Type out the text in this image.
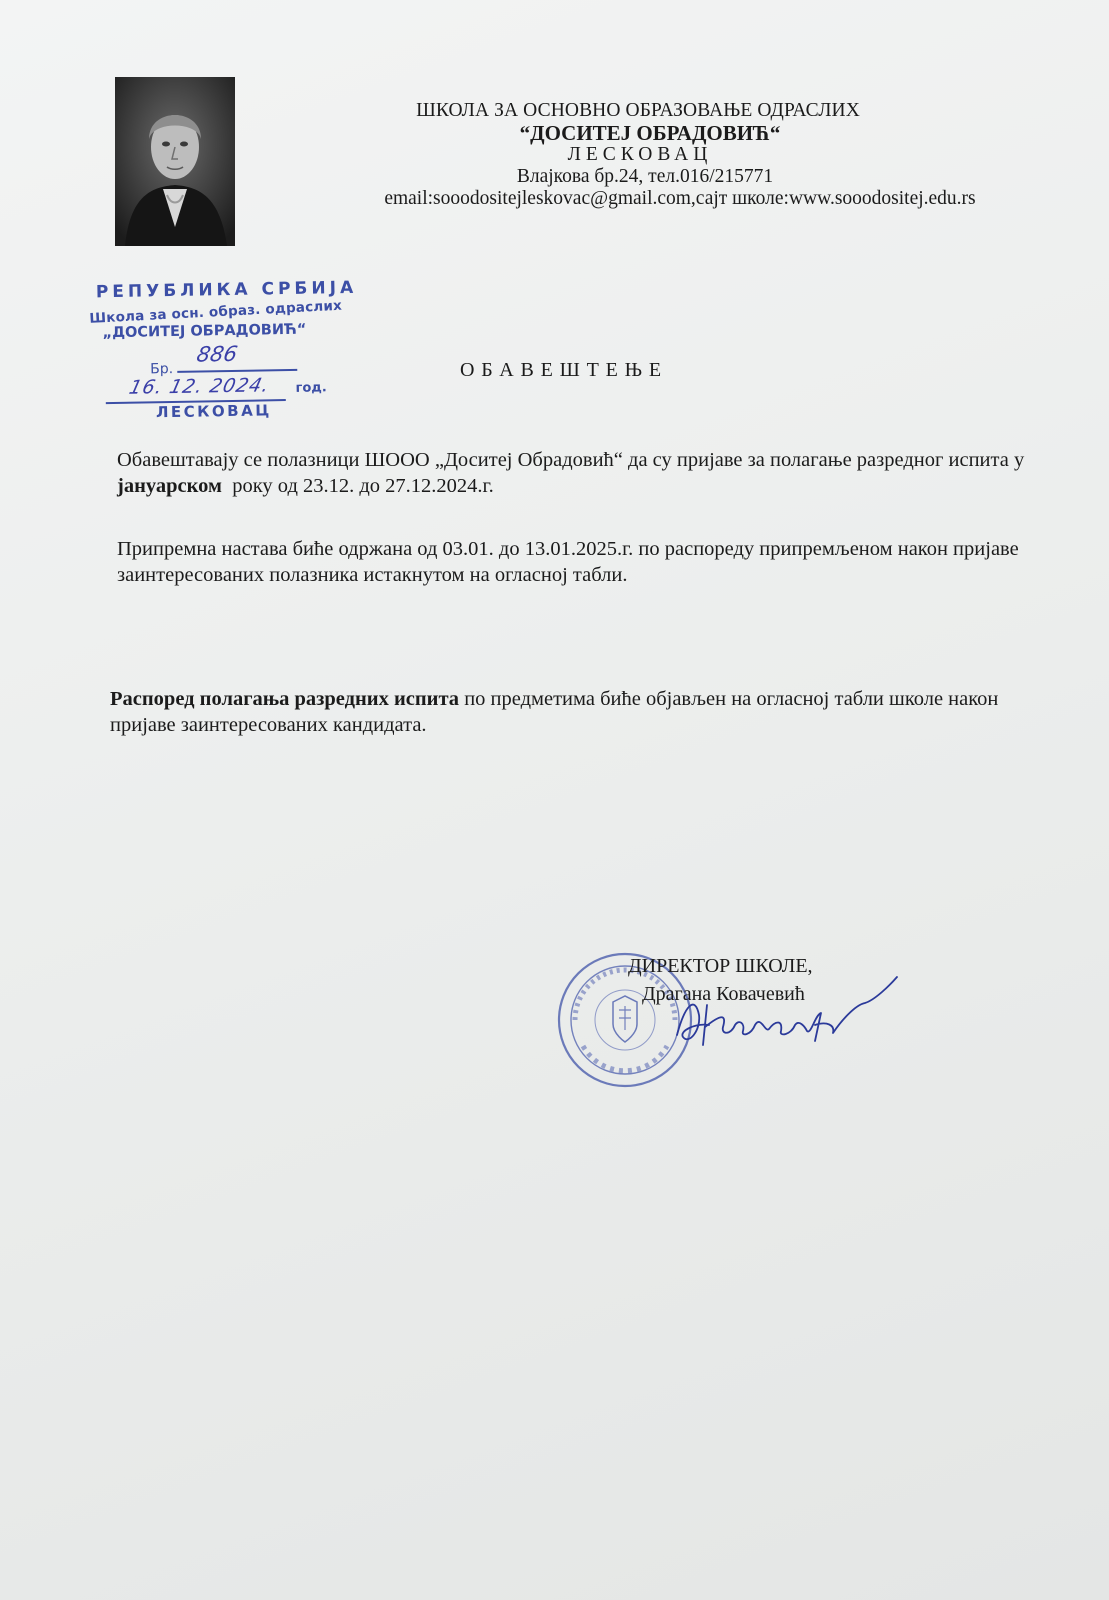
ШКОЛА ЗА ОСНОВНО ОБРАЗОВАЊЕ ОДРАСЛИХ
“ДОСИТЕЈ ОБРАДОВИЋ“
ЛЕСКОВАЦ
Влајкова бр.24, тел.016/215771
email:sooodositejleskovac@gmail.com,сајт школе:www.sooodositej.edu.rs
РЕПУБЛИКА СРБИЈА
Школа за осн. образ. одраслих
„ДОСИТЕЈ ОБРАДОВИЋ“
Бр.
год.
ЛЕСКОВАЦ
886
16. 12. 2024.
ОБАВЕШТЕЊЕ

Обавештавају се полазници ШООО „Доситеј Обрадовић“ да су пријаве за полагање разредног испита у јануарском  року од 23.12. до 27.12.2024.г.

Припремна настава биће одржана од 03.01. до 13.01.2025.г. по распореду припремљеном након пријаве заинтересованих полазника истакнутом на огласној табли.

Распоред полагања разредних испита по предметима биће објављен на огласној табли школе након пријаве заинтересованих кандидата.

ДИРЕКТОР ШКОЛЕ,
Драгана Ковачевић
